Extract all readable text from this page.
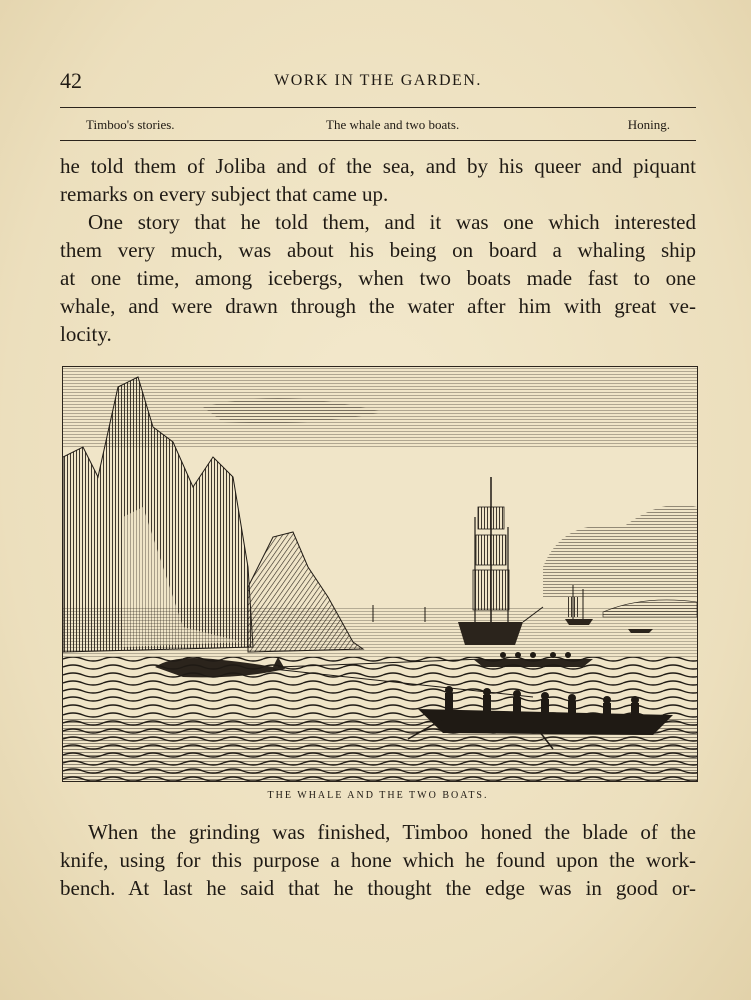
42	WORK IN THE GARDEN.
Timboo's stories.	The whale and two boats.	Honing.

he told them of Joliba and of the sea, and by his queer and piquant
remarks on every subject that came up.

One story that he told them, and it was one which interested
them very much, was about his being on board a whaling ship
at one time, among icebergs, when two boats made fast to one
whale, and were drawn through the water after him with great ve-
locity.

THE WHALE AND THE TWO BOATS.

When the grinding was finished, Timboo honed the blade of the
knife, using for this purpose a hone which he found upon the work-
bench. At last he said that he thought the edge was in good or-
